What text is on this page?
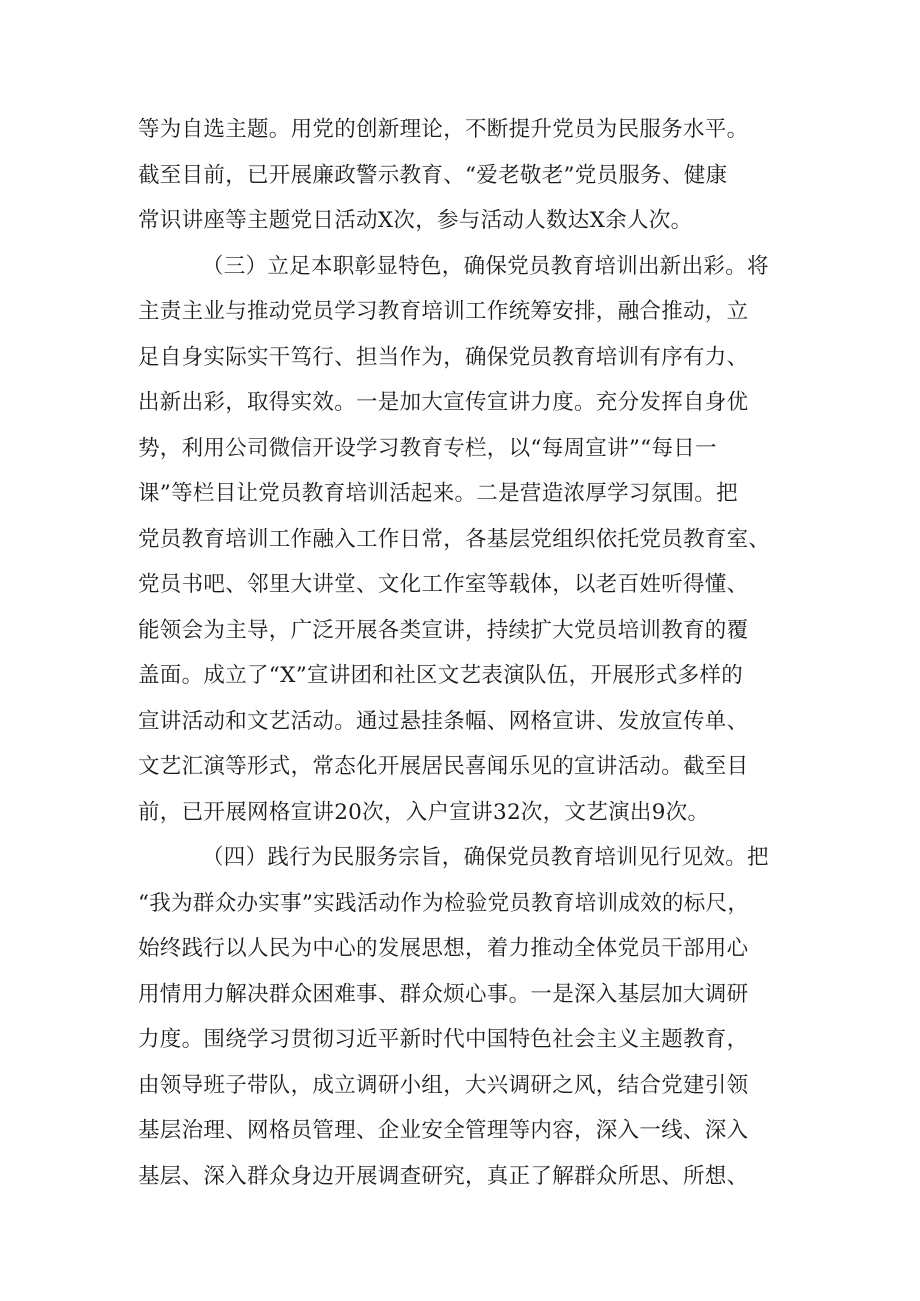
等为自选主题。用党的创新理论，不断提升党员为民服务水平。
截至目前，已开展廉政警示教育、“爱老敬老”党员服务、健康
常识讲座等主题党日活动X次，参与活动人数达X余人次。
（三）立足本职彰显特色，确保党员教育培训出新出彩。将
主责主业与推动党员学习教育培训工作统筹安排，融合推动，立
足自身实际实干笃行、担当作为，确保党员教育培训有序有力、
出新出彩，取得实效。一是加大宣传宣讲力度。充分发挥自身优
势，利用公司微信开设学习教育专栏，以“每周宣讲”“每日一
课”等栏目让党员教育培训活起来。二是营造浓厚学习氛围。把
党员教育培训工作融入工作日常，各基层党组织依托党员教育室、
党员书吧、邻里大讲堂、文化工作室等载体，以老百姓听得懂、
能领会为主导，广泛开展各类宣讲，持续扩大党员培训教育的覆
盖面。成立了“X”宣讲团和社区文艺表演队伍，开展形式多样的
宣讲活动和文艺活动。通过悬挂条幅、网格宣讲、发放宣传单、
文艺汇演等形式，常态化开展居民喜闻乐见的宣讲活动。截至目
前，已开展网格宣讲20次，入户宣讲32次，文艺演出9次。
（四）践行为民服务宗旨，确保党员教育培训见行见效。把
“我为群众办实事”实践活动作为检验党员教育培训成效的标尺，
始终践行以人民为中心的发展思想，着力推动全体党员干部用心
用情用力解决群众困难事、群众烦心事。一是深入基层加大调研
力度。围绕学习贯彻习近平新时代中国特色社会主义主题教育，
由领导班子带队，成立调研小组，大兴调研之风，结合党建引领
基层治理、网格员管理、企业安全管理等内容，深入一线、深入
基层、深入群众身边开展调查研究，真正了解群众所思、所想、
